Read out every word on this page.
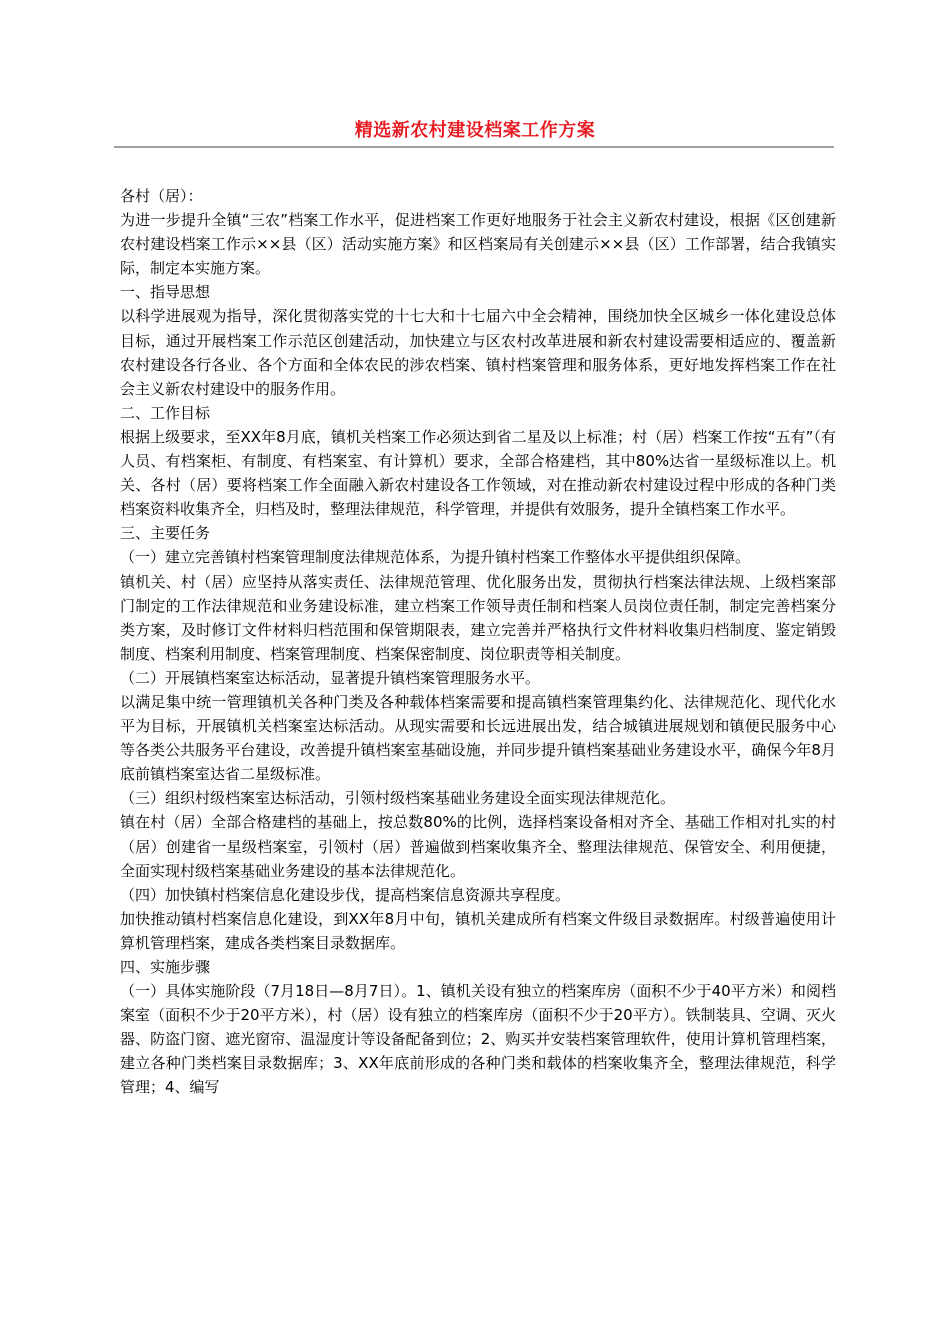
精选新农村建设档案工作方案

各村（居）：

为进一步提升全镇“三农”档案工作水平，促进档案工作更好地服务于社会主义新农村建设，根据《区创建新农村建设档案工作示××县（区）活动实施方案》和区档案局有关创建示××县（区）工作部署，结合我镇实际，制定本实施方案。

一、指导思想

以科学进展观为指导，深化贯彻落实党的十七大和十七届六中全会精神，围绕加快全区城乡一体化建设总体目标，通过开展档案工作示范区创建活动，加快建立与区农村改革进展和新农村建设需要相适应的、覆盖新农村建设各行各业、各个方面和全体农民的涉农档案、镇村档案管理和服务体系，更好地发挥档案工作在社会主义新农村建设中的服务作用。

二、工作目标

根据上级要求，至XX年8月底，镇机关档案工作必须达到省二星及以上标准；村（居）档案工作按“五有”（有人员、有档案柜、有制度、有档案室、有计算机）要求，全部合格建档，其中80%达省一星级标准以上。机关、各村（居）要将档案工作全面融入新农村建设各工作领域，对在推动新农村建设过程中形成的各种门类档案资料收集齐全，归档及时，整理法律规范，科学管理，并提供有效服务，提升全镇档案工作水平。

三、主要任务

（一）建立完善镇村档案管理制度法律规范体系，为提升镇村档案工作整体水平提供组织保障。

镇机关、村（居）应坚持从落实责任、法律规范管理、优化服务出发，贯彻执行档案法律法规、上级档案部门制定的工作法律规范和业务建设标准，建立档案工作领导责任制和档案人员岗位责任制，制定完善档案分类方案，及时修订文件材料归档范围和保管期限表，建立完善并严格执行文件材料收集归档制度、鉴定销毁制度、档案利用制度、档案管理制度、档案保密制度、岗位职责等相关制度。

（二）开展镇档案室达标活动，显著提升镇档案管理服务水平。

以满足集中统一管理镇机关各种门类及各种载体档案需要和提高镇档案管理集约化、法律规范化、现代化水平为目标，开展镇机关档案室达标活动。从现实需要和长远进展出发，结合城镇进展规划和镇便民服务中心等各类公共服务平台建设，改善提升镇档案室基础设施，并同步提升镇档案基础业务建设水平，确保今年8月底前镇档案室达省二星级标准。

（三）组织村级档案室达标活动，引领村级档案基础业务建设全面实现法律规范化。

镇在村（居）全部合格建档的基础上，按总数80%的比例，选择档案设备相对齐全、基础工作相对扎实的村（居）创建省一星级档案室，引领村（居）普遍做到档案收集齐全、整理法律规范、保管安全、利用便捷，全面实现村级档案基础业务建设的基本法律规范化。

（四）加快镇村档案信息化建设步伐，提高档案信息资源共享程度。

加快推动镇村档案信息化建设，到XX年8月中旬，镇机关建成所有档案文件级目录数据库。村级普遍使用计算机管理档案，建成各类档案目录数据库。

四、实施步骤

（一）具体实施阶段（7月18日—8月7日）。1、镇机关设有独立的档案库房（面积不少于40平方米）和阅档案室（面积不少于20平方米），村（居）设有独立的档案库房（面积不少于20平方）。铁制装具、空调、灭火器、防盗门窗、遮光窗帘、温湿度计等设备配备到位；2、购买并安装档案管理软件，使用计算机管理档案，建立各种门类档案目录数据库；3、XX年底前形成的各种门类和载体的档案收集齐全，整理法律规范，科学管理；4、编写
